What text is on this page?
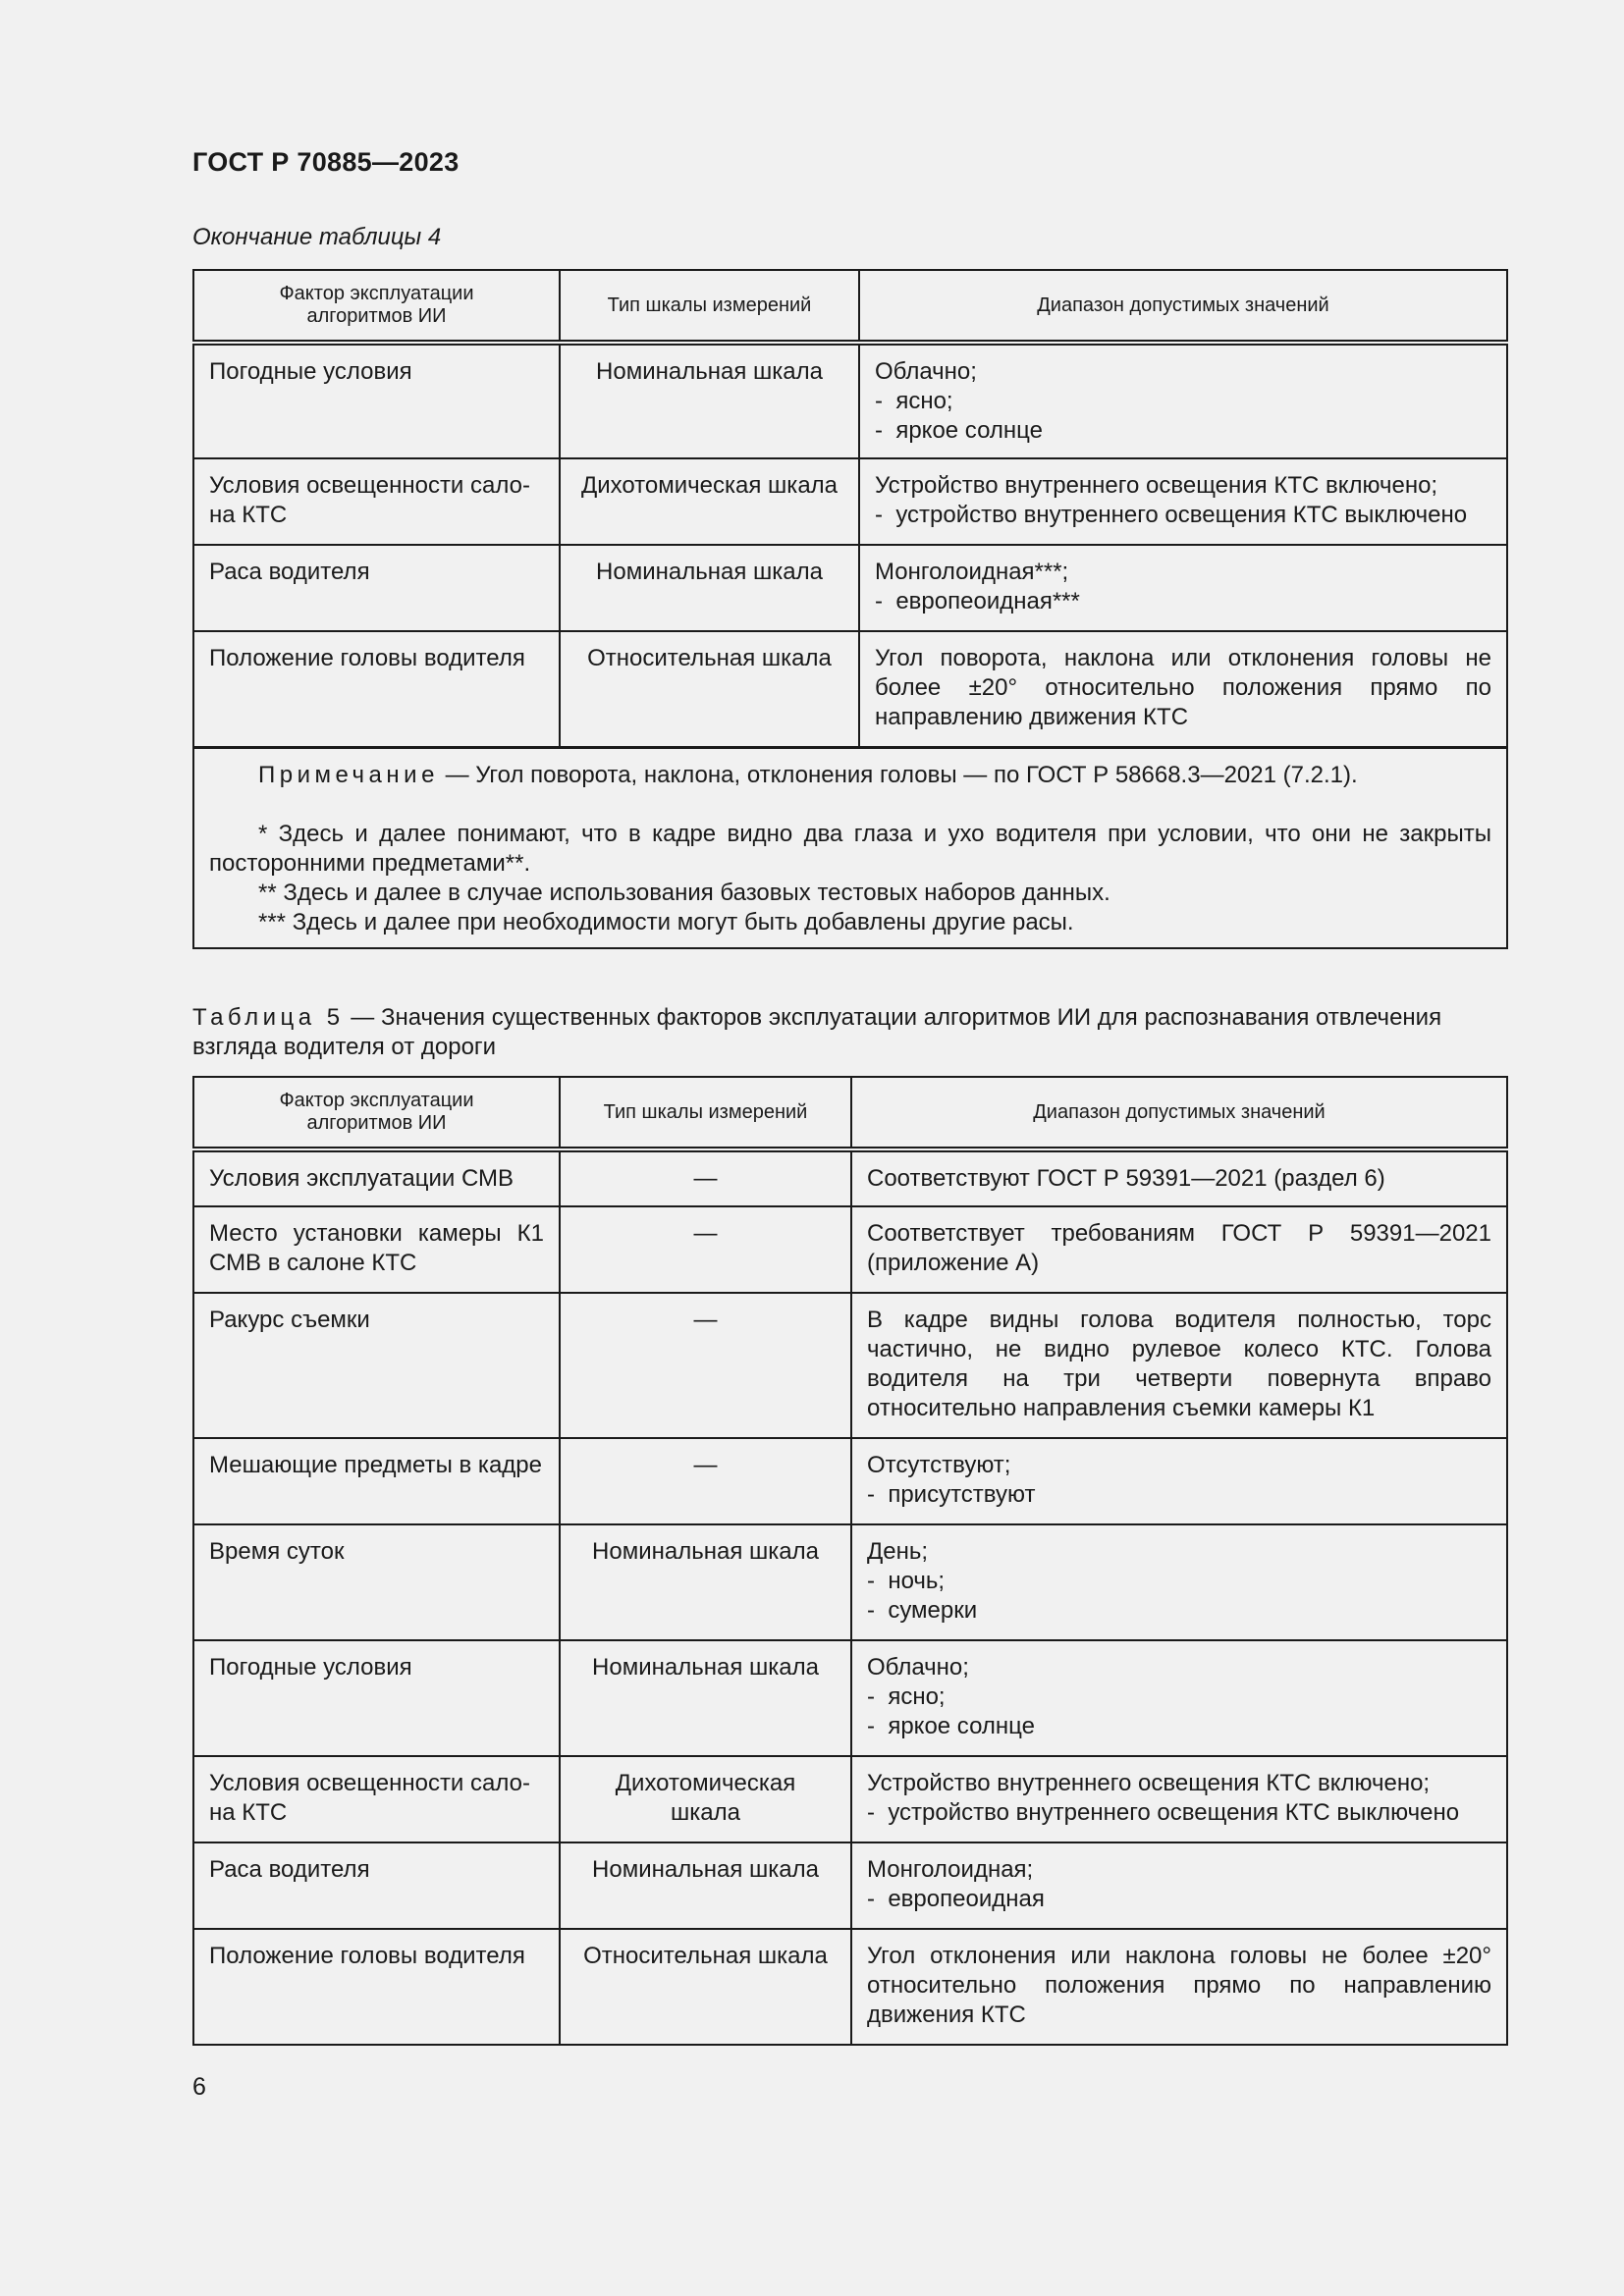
ГОСТ Р 70885—2023
Окончание таблицы 4
Фактор эксплуатации алгоритмов ИИ	Тип шкалы измерений	Диапазон допустимых значений
Погодные условия	Номинальная шкала	Облачно;
-  ясно;
-  яркое солнце

Условия освещенности сало-
на КТС	Дихотомическая шкала	Устройство внутреннего освещения КТС включено;
-  устройство внутреннего освещения КТС выключено

Раса водителя	Номинальная шкала	Монголоидная***;
-  европеоидная***

Положение головы водителя	Относительная шкала	Угол поворота, наклона или отклонения головы не более ±20° относительно положения прямо по направлению движения КТС

Примечание — Угол поворота, наклона, отклонения головы — по ГОСТ Р 58668.3—2021 (7.2.1).
* Здесь и далее понимают, что в кадре видно два глаза и ухо водителя при условии, что они не закрыты посторонними предметами**.
** Здесь и далее в случае использования базовых тестовых наборов данных.
*** Здесь и далее при необходимости могут быть добавлены другие расы.		
Таблица 5 — Значения существенных факторов эксплуатации алгоритмов ИИ для распознавания отвлечения взгляда водителя от дороги
Фактор эксплуатации алгоритмов ИИ	Тип шкалы измерений	Диапазон допустимых значений
Условия эксплуатации СМВ	—	Соответствуют ГОСТ Р 59391—2021 (раздел 6)
Место установки камеры К1 СМВ в салоне КТС	—	Соответствует требованиям ГОСТ Р 59391—2021 (приложение А)
Ракурс съемки	—	В кадре видны голова водителя полностью, торс частично, не видно рулевое колесо КТС. Голова водителя на три четверти повернута вправо относительно направления съемки камеры К1
Мешающие предметы в кадре	—	Отсутствуют;
-  присутствуют

Время суток	Номинальная шкала	День;
-  ночь;
-  сумерки

Погодные условия	Номинальная шкала	Облачно;
-  ясно;
-  яркое солнце

Условия освещенности сало-
на КТС	Дихотомическая шкала	Устройство внутреннего освещения КТС включено;
-  устройство внутреннего освещения КТС выключено

Раса водителя	Номинальная шкала	Монголоидная;
-  европеоидная

Положение головы водителя	Относительная шкала	Угол отклонения или наклона головы не более ±20° относительно положения прямо по направлению движения КТС
6
